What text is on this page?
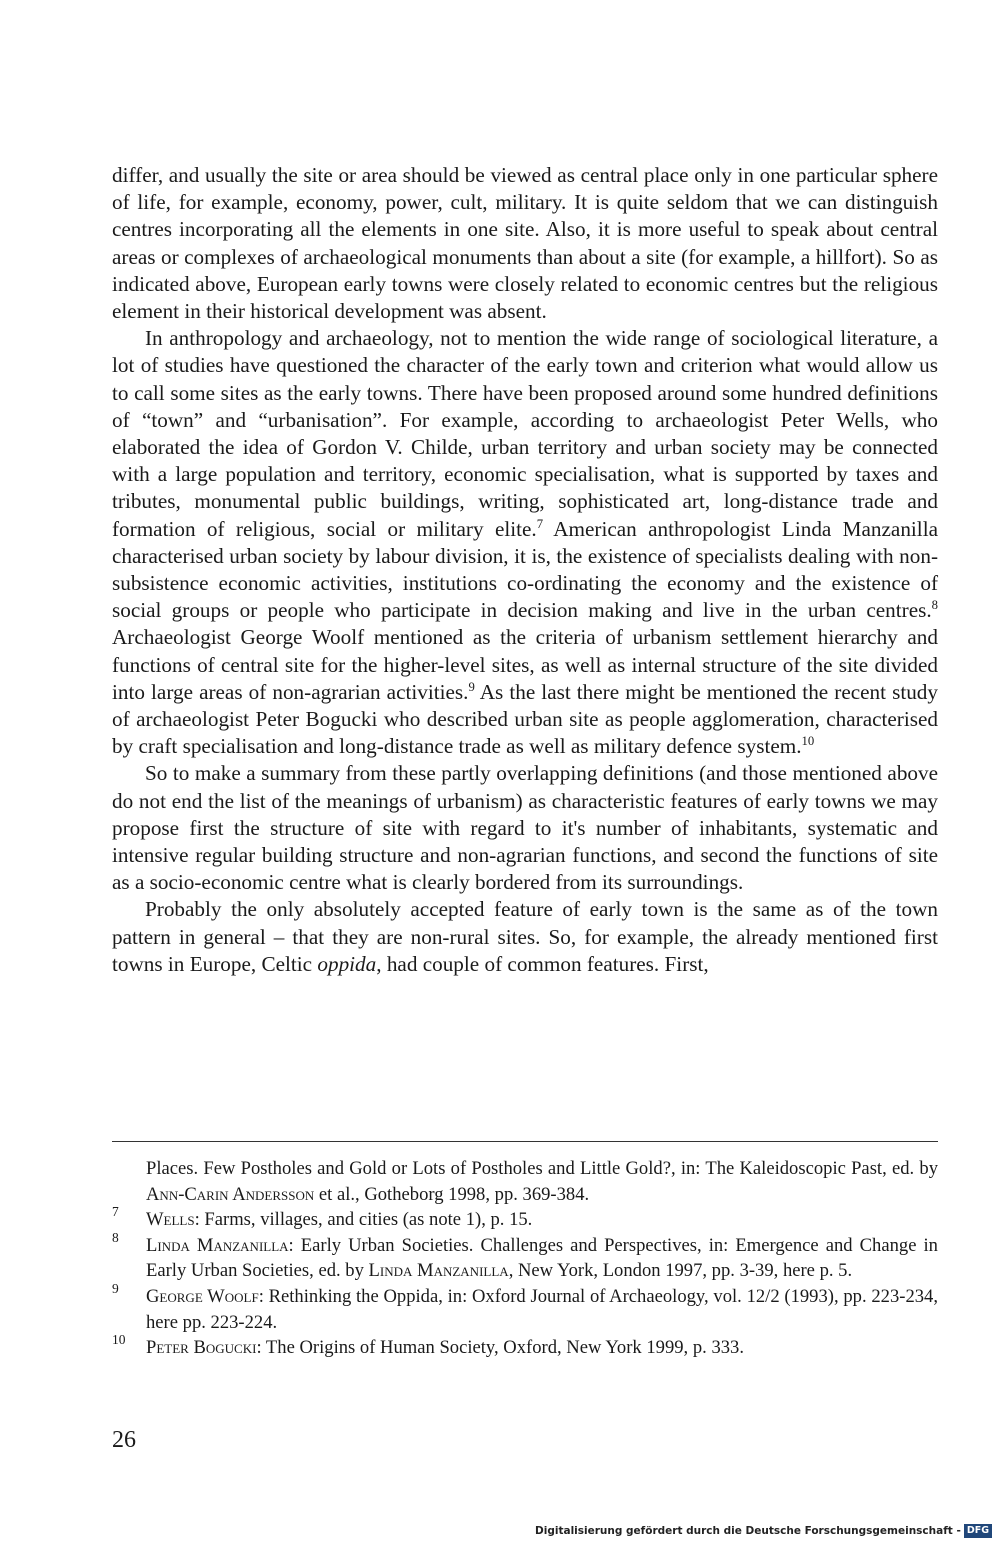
differ, and usually the site or area should be viewed as central place only in one particular sphere of life, for example, economy, power, cult, military. It is quite seldom that we can distinguish centres incorporating all the elements in one site. Also, it is more useful to speak about central areas or complexes of archaeological monuments than about a site (for example, a hillfort). So as indicated above, European early towns were closely related to economic centres but the religious element in their historical development was absent.

In anthropology and archaeology, not to mention the wide range of sociological literature, a lot of studies have questioned the character of the early town and criterion what would allow us to call some sites as the early towns. There have been proposed around some hundred definitions of “town” and “urbanisation”. For example, according to archaeologist Peter Wells, who elaborated the idea of Gordon V. Childe, urban territory and urban society may be connected with a large population and territory, economic specialisation, what is supported by taxes and tributes, monumental public buildings, writing, sophisticated art, long-distance trade and formation of religious, social or military elite.$^7$ American anthropologist Linda Manzanilla characterised urban society by labour division, it is, the existence of specialists dealing with non-subsistence economic activities, institutions co-ordinating the economy and the existence of social groups or people who participate in decision making and live in the urban centres.$^8$ Archaeologist George Woolf mentioned as the criteria of urbanism settlement hierarchy and functions of central site for the higher-level sites, as well as internal structure of the site divided into large areas of non-agrarian activities.$^9$ As the last there might be mentioned the recent study of archaeologist Peter Bogucki who described urban site as people agglomeration, characterised by craft specialisation and long-distance trade as well as military defence system.$^{10}$

So to make a summary from these partly overlapping definitions (and those mentioned above do not end the list of the meanings of urbanism) as characteristic features of early towns we may propose first the structure of site with regard to it's number of inhabitants, systematic and intensive regular building structure and non-agrarian functions, and second the functions of site as a socio-economic centre what is clearly bordered from its surroundings.

Probably the only absolutely accepted feature of early town is the same as of the town pattern in general – that they are non-rural sites. So, for example, the already mentioned first towns in Europe, Celtic oppida, had couple of common features. First,

Places. Few Postholes and Gold or Lots of Postholes and Little Gold?, in: The Kaleidoscopic Past, ed. by Ann-Carin Andersson et al., Gotheborg 1998, pp. 369-384.

7 Wells: Farms, villages, and cities (as note 1), p. 15.

8 Linda Manzanilla: Early Urban Societies. Challenges and Perspectives, in: Emergence and Change in Early Urban Societies, ed. by Linda Manzanilla, New York, London 1997, pp. 3-39, here p. 5.

9 George Woolf: Rethinking the Oppida, in: Oxford Journal of Archaeology, vol. 12/2 (1993), pp. 223-234, here pp. 223-224.

10 Peter Bogucki: The Origins of Human Society, Oxford, New York 1999, p. 333.

26
Digitalisierung gefördert durch die Deutsche Forschungsgemeinschaft - DFG
